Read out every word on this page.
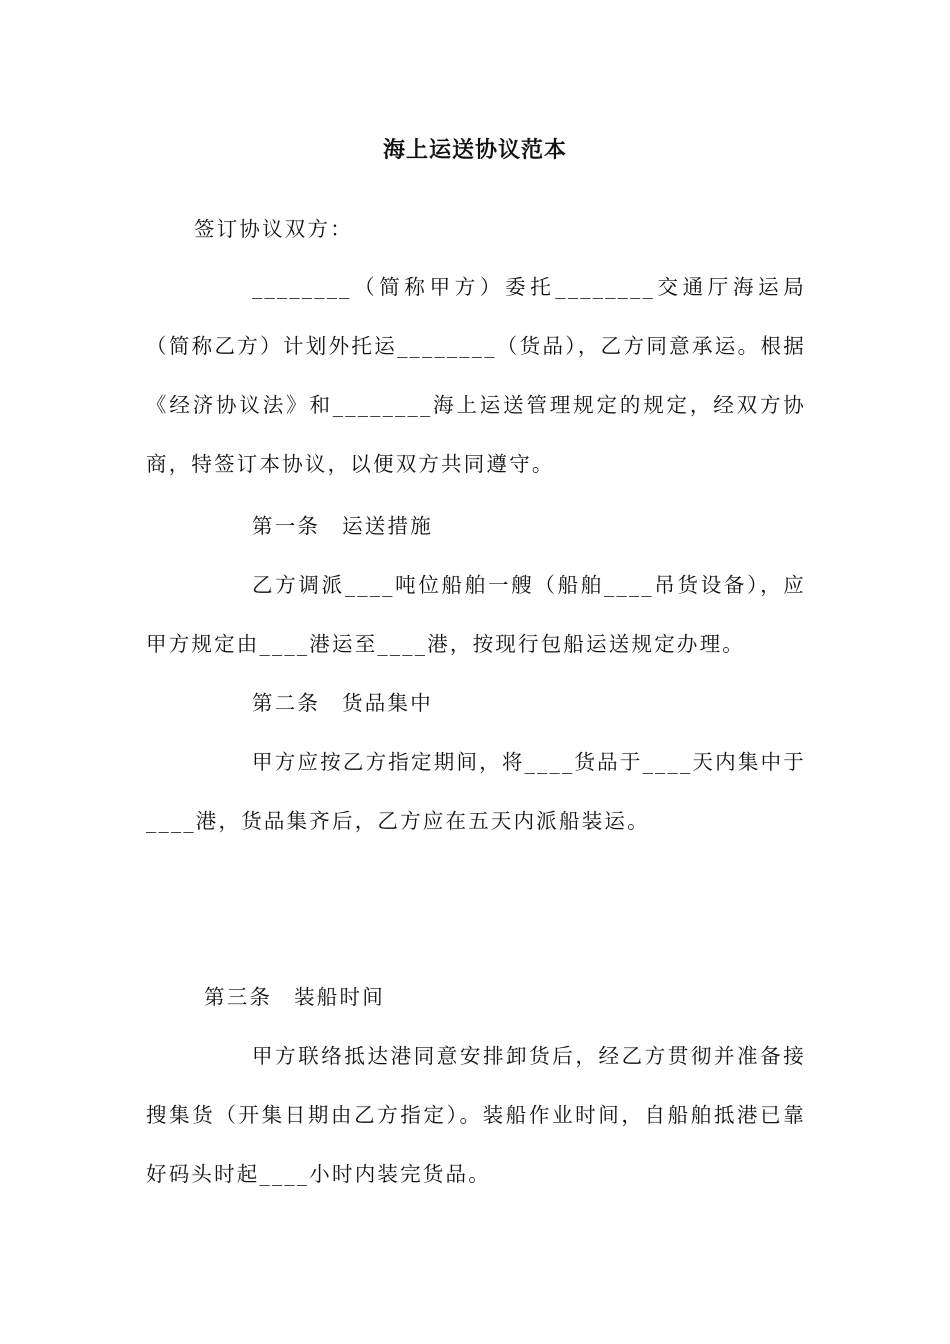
海上运送协议范本

签订协议双方：

________（简称甲方）委托________交通厅海运局（简称乙方）计划外托运________（货品），乙方同意承运。根据《经济协议法》和________海上运送管理规定的规定，经双方协商，特签订本协议，以便双方共同遵守。

第一条 运送措施

乙方调派____吨位船舶一艘（船舶____吊货设备），应甲方规定由____港运至____港，按现行包船运送规定办理。

第二条 货品集中

甲方应按乙方指定期间，将____货品于____天内集中于____港，货品集齐后，乙方应在五天内派船装运。

第三条 装船时间

甲方联络抵达港同意安排卸货后，经乙方贯彻并准备接搜集货（开集日期由乙方指定）。装船作业时间，自船舶抵港已靠好码头时起____小时内装完货品。
